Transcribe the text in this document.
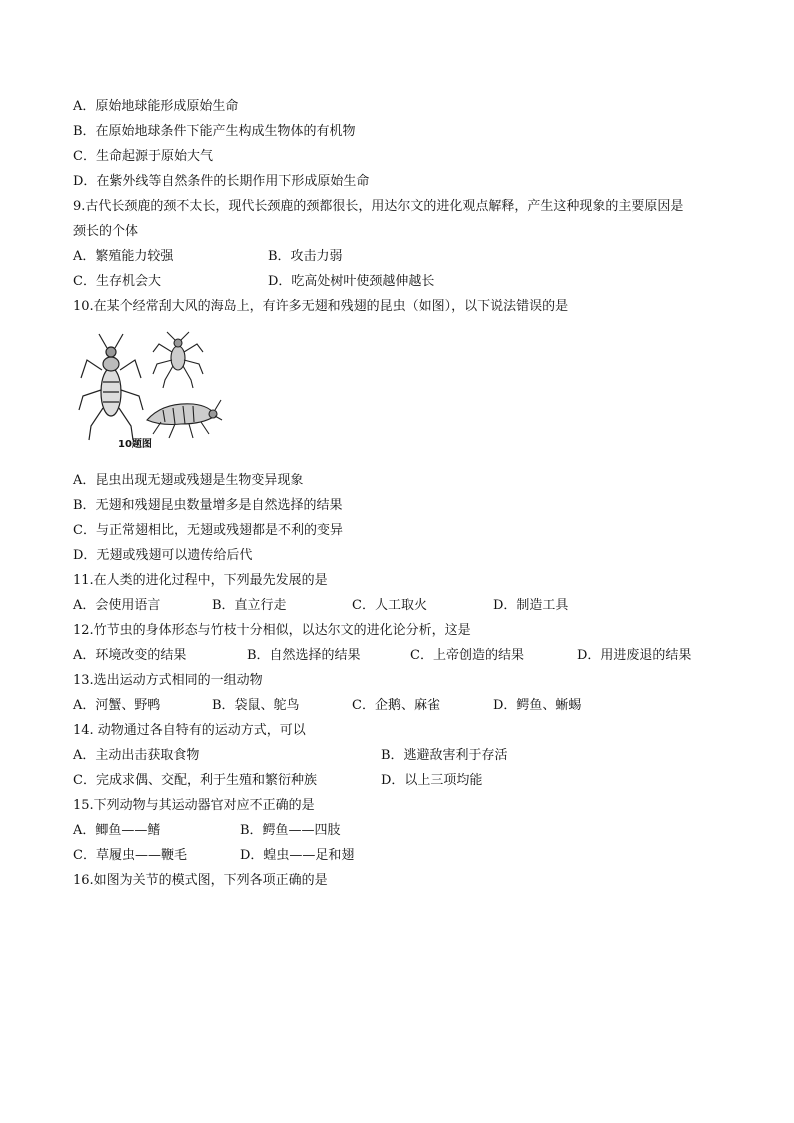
A．原始地球能形成原始生命
B．在原始地球条件下能产生构成生物体的有机物
C．生命起源于原始大气
D．在紫外线等自然条件的长期作用下形成原始生命
9.古代长颈鹿的颈不太长，现代长颈鹿的颈都很长，用达尔文的进化观点解释，产生这种现象的主要原因是
颈长的个体
A．繁殖能力较强	B．攻击力弱
C．生存机会大	D．吃高处树叶使颈越伸越长
10.在某个经常刮大风的海岛上，有许多无翅和残翅的昆虫（如图），以下说法错误的是
10题图
A．昆虫出现无翅或残翅是生物变异现象
B．无翅和残翅昆虫数量增多是自然选择的结果
C．与正常翅相比，无翅或残翅都是不利的变异
D．无翅或残翅可以遗传给后代
11.在人类的进化过程中，下列最先发展的是
A．会使用语言	B．直立行走	C．人工取火	D．制造工具
12.竹节虫的身体形态与竹枝十分相似，以达尔文的进化论分析，这是
A．环境改变的结果	B．自然选择的结果	C．上帝创造的结果	D．用进废退的结果
13.选出运动方式相同的一组动物
A．河蟹、野鸭	B．袋鼠、鸵鸟	C．企鹅、麻雀	D．鳄鱼、蜥蜴
14. 动物通过各自特有的运动方式，可以
A．主动出击获取食物	B．逃避敌害利于存活
C．完成求偶、交配，利于生殖和繁衍种族	D．以上三项均能
15.下列动物与其运动器官对应不正确的是
A．鲫鱼——鳍	B．鳄鱼——四肢
C．草履虫——鞭毛	D．蝗虫——足和翅
16.如图为关节的模式图，下列各项正确的是
